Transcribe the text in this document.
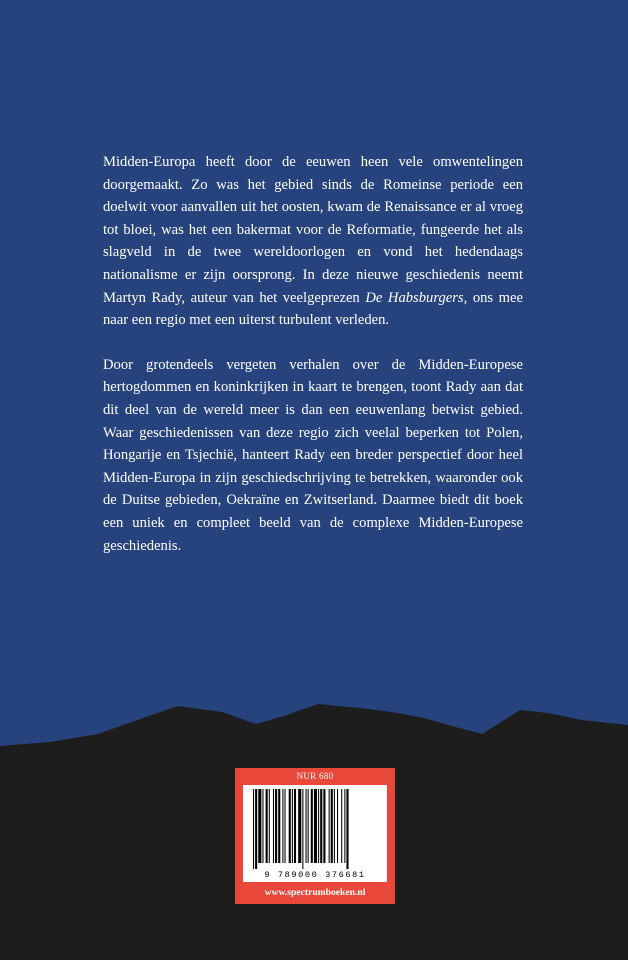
Midden-Europa heeft door de eeuwen heen vele omwentelingen doorgemaakt. Zo was het gebied sinds de Romeinse periode een doelwit voor aanvallen uit het oosten, kwam de Renaissance er al vroeg tot bloei, was het een bakermat voor de Reformatie, fungeerde het als slagveld in de twee wereldoorlogen en vond het hedendaags nationalisme er zijn oorsprong. In deze nieuwe geschiedenis neemt Martyn Rady, auteur van het veelgeprezen De Habsburgers, ons mee naar een regio met een uiterst turbulent verleden.

Door grotendeels vergeten verhalen over de Midden-Europese hertogdommen en koninkrijken in kaart te brengen, toont Rady aan dat dit deel van de wereld meer is dan een eeuwenlang betwist gebied. Waar geschiedenissen van deze regio zich veelal beperken tot Polen, Hongarije en Tsjechië, hanteert Rady een breder perspectief door heel Midden-Europa in zijn geschiedschrijving te betrekken, waaronder ook de Duitse gebieden, Oekraïne en Zwitserland. Daarmee biedt dit boek een uniek en compleet beeld van de complexe Midden-Europese geschiedenis.

NUR 680
9 789000 376681
www.spectrumboeken.nl
